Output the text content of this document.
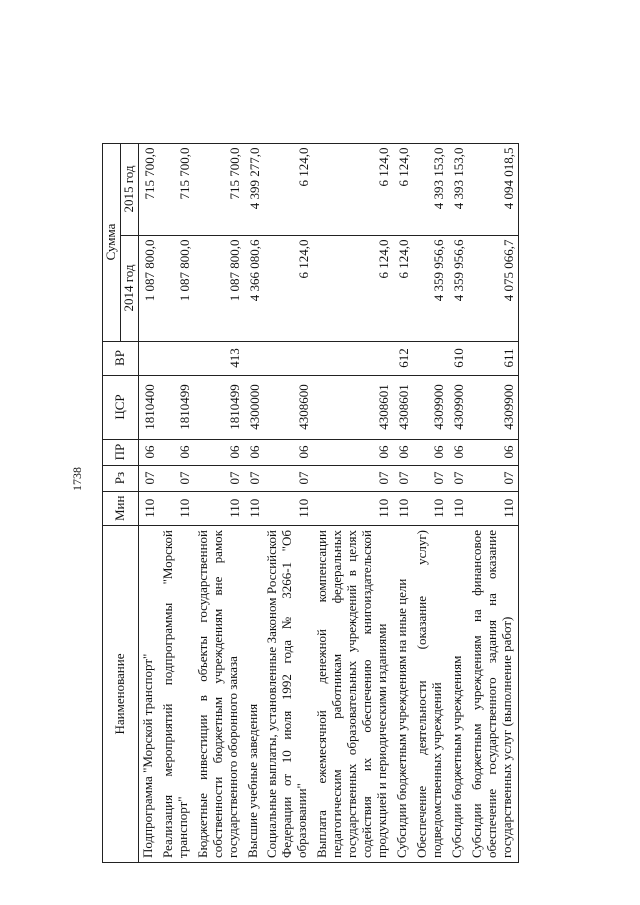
1738
Наименование	Мин	Рз	ПР	ЦСР	ВР	Сумма	
						2014 год	2015 год
Подпрограмма "Морской транспорт"	110	07	06	1810400		1 087 800,0	715 700,0
Реализация мероприятий подпрограммы "Морской транспорт"	110	07	06	1810499		1 087 800,0	715 700,0
Бюджетные инвестиции в объекты государственной собственности бюджетным учреждениям вне рамок государственного оборонного заказа	110	07	06	1810499	413	1 087 800,0	715 700,0
Высшие учебные заведения	110	07	06	4300000		4 366 080,6	4 399 277,0
Социальные выплаты, установленные Законом Российской Федерации от 10 июля 1992 года № 3266-1 "Об образовании"	110	07	06	4308600		6 124,0	6 124,0
Выплата ежемесячной денежной компенсации педагогическим работникам федеральных государственных образовательных учреждений в целях содействия их обеспечению книгоиздательской продукцией и периодическими изданиями	110	07	06	4308601		6 124,0	6 124,0
Субсидии бюджетным учреждениям на иные цели	110	07	06	4308601	612	6 124,0	6 124,0
Обеспечение деятельности (оказание услуг) подведомственных учреждений	110	07	06	4309900		4 359 956,6	4 393 153,0
Субсидии бюджетным учреждениям	110	07	06	4309900	610	4 359 956,6	4 393 153,0
Субсидии бюджетным учреждениям на финансовое обеспечение государственного задания на оказание государственных услуг (выполнение работ)	110	07	06	4309900	611	4 075 066,7	4 094 018,5
